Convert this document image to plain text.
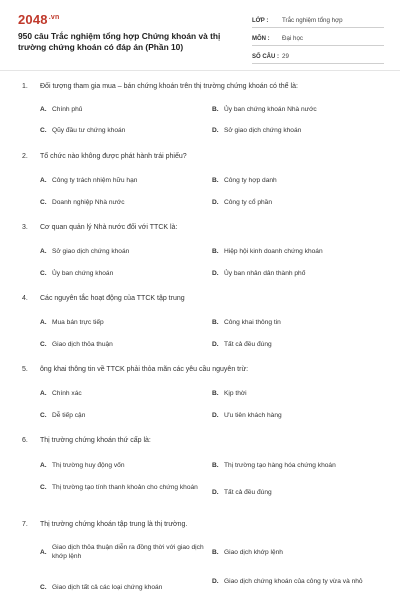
$2048^{.vn}$
950 câu Trắc nghiệm tổng hợp Chứng khoán và thị trường chứng khoán có đáp án (Phần 10)
LỚP :	Trắc nghiệm tổng hợp
MÔN :	Đại học
SỐ CÂU : 29
1. Đối tượng tham gia mua – bán chứng khoán trên thị trường chứng khoán có thể là:
A. Chính phủ	B. Ủy ban chứng khoán Nhà nước
C. Qũy đầu tư chứng khoán	D. Sở giao dịch chứng khoán
2. Tổ chức nào không được phát hành trái phiếu?
A. Công ty trách nhiệm hữu hạn	B. Công ty hợp danh
C. Doanh nghiệp Nhà nước	D. Công ty cổ phần
3. Cơ quan quản lý Nhà nước đối với TTCK là:
A. Sở giao dịch chứng khoán	B. Hiệp hội kinh doanh chứng khoán
C. Ủy ban chứng khoán	D. Ủy ban nhân dân thành phố
4. Các nguyên tắc hoạt động của TTCK tập trung
A. Mua bán trực tiếp	B. Công khai thông tin
C. Giao dịch thỏa thuận	D. Tất cả đều đúng
5. ông khai thông tin về TTCK phải thỏa mãn các yêu cầu nguyên trừ:
A. Chính xác	B. Kịp thời
C. Dễ tiếp cận	D. Ưu tiên khách hàng
6. Thị trường chứng khoán thứ cấp là:
A. Thị trường huy động vốn	B. Thị trường tạo hàng hóa chứng khoán
C. Thị trường tạo tính thanh khoản cho chứng khoán
D. Tất cả đều đúng
7. Thị trường chứng khoán tập trung là thị trường.
A.
Giao dịch thỏa thuận diễn ra đồng thời với giao dịch khớp lệnh
B. Giao dịch khớp lệnh
C. Giao dịch tất cả các loại chứng khoán
D. Giao dịch chứng khoán của công ty vừa và nhỏ
